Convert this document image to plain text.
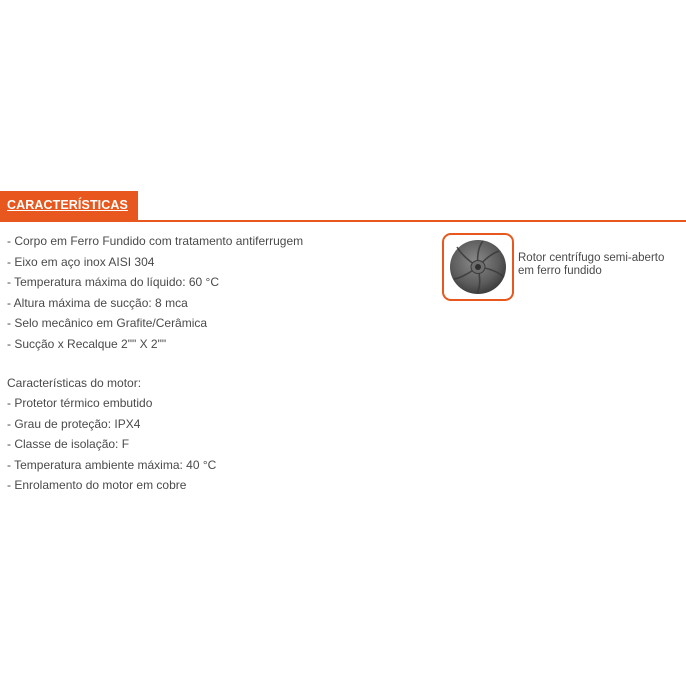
CARACTERÍSTICAS
- Corpo em Ferro Fundido com tratamento antiferrugem
- Eixo em aço inox AISI 304
- Temperatura máxima do líquido: 60 °C
- Altura máxima de sucção: 8 mca
- Selo mecânico em Grafite/Cerâmica
- Sucção x Recalque 2"" X 2""
Características do motor:
- Protetor térmico embutido
- Grau de proteção: IPX4
- Classe de isolação: F
- Temperatura ambiente máxima: 40 °C
- Enrolamento do motor em cobre
Rotor centrífugo semi-aberto
em ferro fundido
